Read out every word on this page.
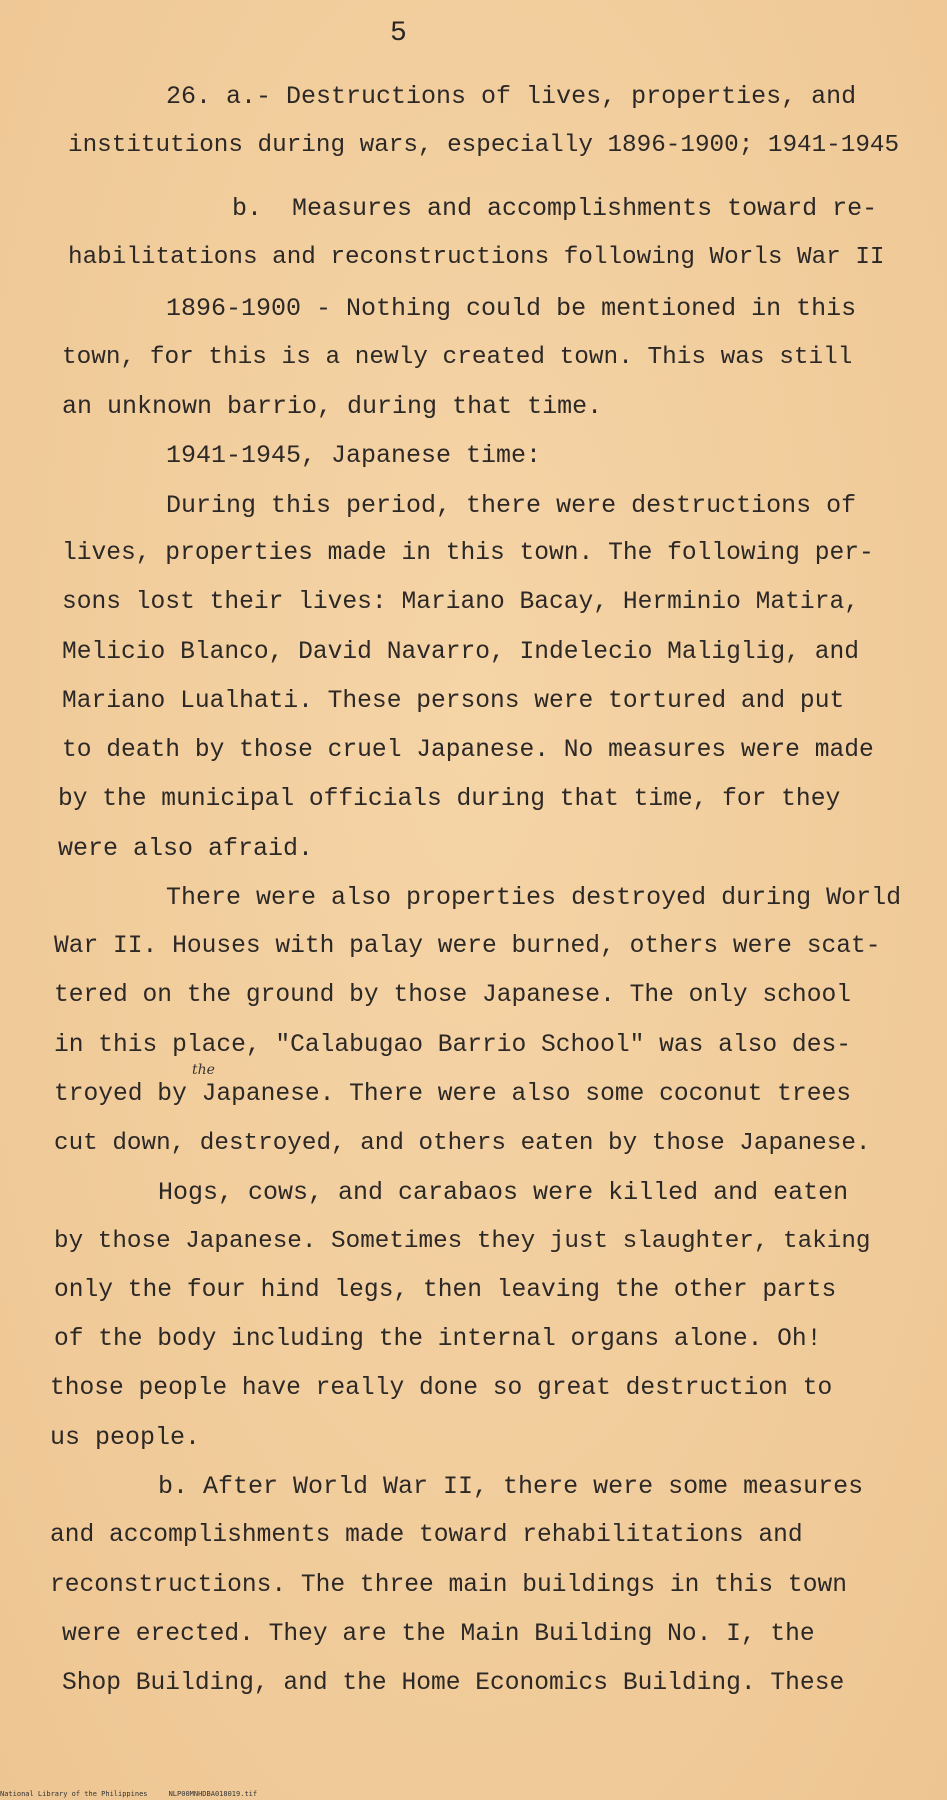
5
26. a.- Destructions of lives, properties, and
institutions during wars, especially 1896-1900; 1941-1945
b.  Measures and accomplishments toward re-
habilitations and reconstructions following Worls War II
1896-1900 - Nothing could be mentioned in this
town, for this is a newly created town. This was still
an unknown barrio, during that time.
1941-1945, Japanese time:
During this period, there were destructions of
lives, properties made in this town. The following per-
sons lost their lives: Mariano Bacay, Herminio Matira,
Melicio Blanco, David Navarro, Indelecio Maliglig, and
Mariano Lualhati. These persons were tortured and put
to death by those cruel Japanese. No measures were made
by the municipal officials during that time, for they
were also afraid.
There were also properties destroyed during World
War II. Houses with palay were burned, others were scat-
tered on the ground by those Japanese. The only school
in this place, "Calabugao Barrio School" was also des-
troyed by Japanese. There were also some coconut trees
cut down, destroyed, and others eaten by those Japanese.
Hogs, cows, and carabaos were killed and eaten
by those Japanese. Sometimes they just slaughter, taking
only the four hind legs, then leaving the other parts
of the body including the internal organs alone. Oh!
those people have really done so great destruction to
us people.
b. After World War II, there were some measures
and accomplishments made toward rehabilitations and
reconstructions. The three main buildings in this town
were erected. They are the Main Building No. I, the
Shop Building, and the Home Economics Building. These
the
National Library of the Philippines	NLP00MNHDBA018019.tif
